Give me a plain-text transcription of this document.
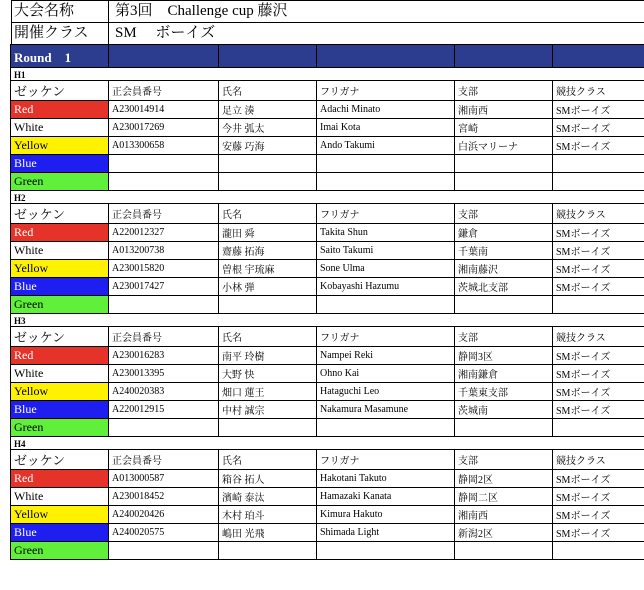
大会名称	第3回　Challenge cup 藤沢
開催クラス	SM　 ボーイズ
Round　1					
H1					
ゼッケン	正会員番号	氏名	フリガナ	支部	競技クラス
Red	A230014914	足立 湊	Adachi Minato	湘南西	SMボーイズ
White	A230017269	今井 弧太	Imai Kota	宮崎	SMボーイズ
Yellow	A013300658	安藤 巧海	Ando Takumi	白浜マリーナ	SMボーイズ
Blue					
Green					
H2					
ゼッケン	正会員番号	氏名	フリガナ	支部	競技クラス
Red	A220012327	瀧田 舜	Takita Shun	鎌倉	SMボーイズ
White	A013200738	齋藤 拓海	Saito Takumi	千葉南	SMボーイズ
Yellow	A230015820	曽根 宇琉麻	Sone Ulma	湘南藤沢	SMボーイズ
Blue	A230017427	小林 弾	Kobayashi Hazumu	茨城北支部	SMボーイズ
Green					
H3					
ゼッケン	正会員番号	氏名	フリガナ	支部	競技クラス
Red	A230016283	南平 玲樹	Nampei Reki	静岡3区	SMボーイズ
White	A230013395	大野 快	Ohno Kai	湘南鎌倉	SMボーイズ
Yellow	A240020383	畑口 蓮王	Hataguchi Leo	千葉東支部	SMボーイズ
Blue	A220012915	中村 誠宗	Nakamura Masamune	茨城南	SMボーイズ
Green					
H4					
ゼッケン	正会員番号	氏名	フリガナ	支部	競技クラス
Red	A013000587	箱谷 拓人	Hakotani Takuto	静岡2区	SMボーイズ
White	A230018452	濱崎 泰汰	Hamazaki Kanata	静岡二区	SMボーイズ
Yellow	A240020426	木村 珀斗	Kimura Hakuto	湘南西	SMボーイズ
Blue	A240020575	嶋田 光飛	Shimada Light	新潟2区	SMボーイズ
Green					
